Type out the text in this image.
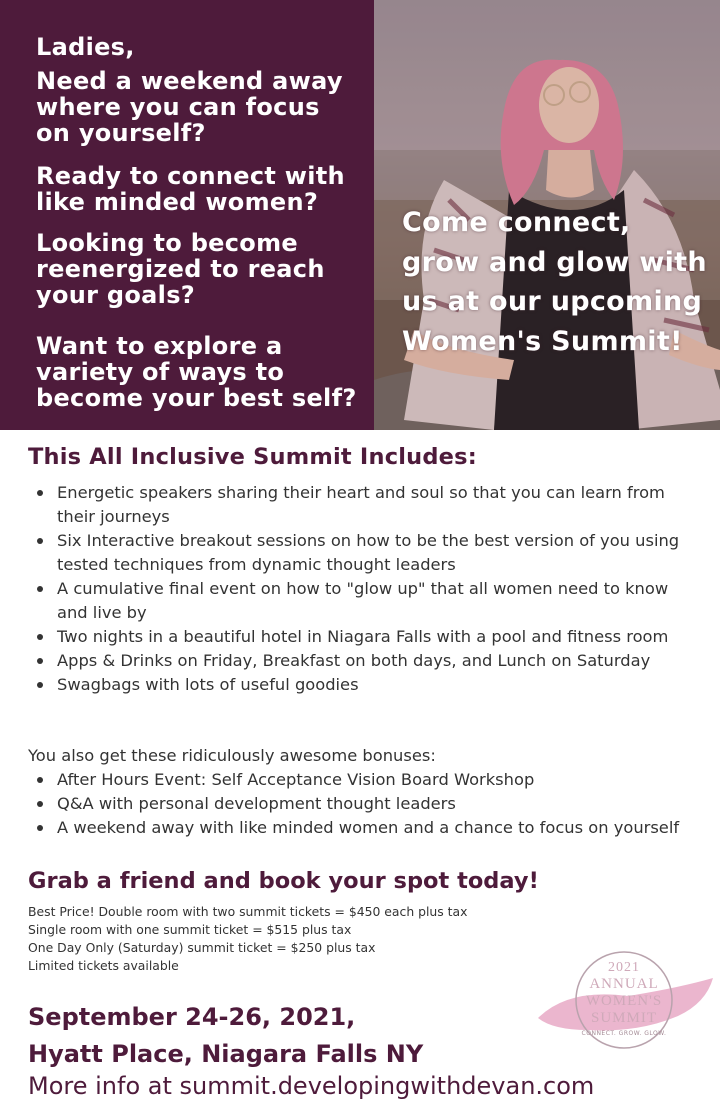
Ladies,

Need a weekend away where you can focus on yourself?

Ready to connect with like minded women?

Looking to become reenergized to reach your goals?

Want to explore a variety of ways to become your best self?

Come connect, grow and glow with us at our upcoming Women's Summit!
This All Inclusive Summit Includes:
Energetic speakers sharing their heart and soul so that you can learn from their journeys
Six Interactive breakout sessions on how to be the best version of you using tested techniques from dynamic thought leaders
A cumulative final event on how to "glow up" that all women need to know and live by
Two nights in a beautiful hotel in Niagara Falls with a pool and fitness room
Apps & Drinks on Friday, Breakfast on both days, and Lunch on Saturday
Swagbags with lots of useful goodies

You also get these ridiculously awesome bonuses:

After Hours Event: Self Acceptance Vision Board Workshop
Q&A with personal development thought leaders
A weekend away with like minded women and a chance to focus on yourself
Grab a friend and book your spot today!
Best Price! Double room with two summit tickets = $450 each plus tax
Single room with one summit ticket = $515 plus tax
One Day Only (Saturday) summit ticket = $250 plus tax
Limited tickets available

September 24-26, 2021,

Hyatt Place, Niagara Falls NY

More info at summit.developingwithdevan.com

2021
ANNUAL
WOMEN'S
SUMMIT
CONNECT. GROW. GLOW.
